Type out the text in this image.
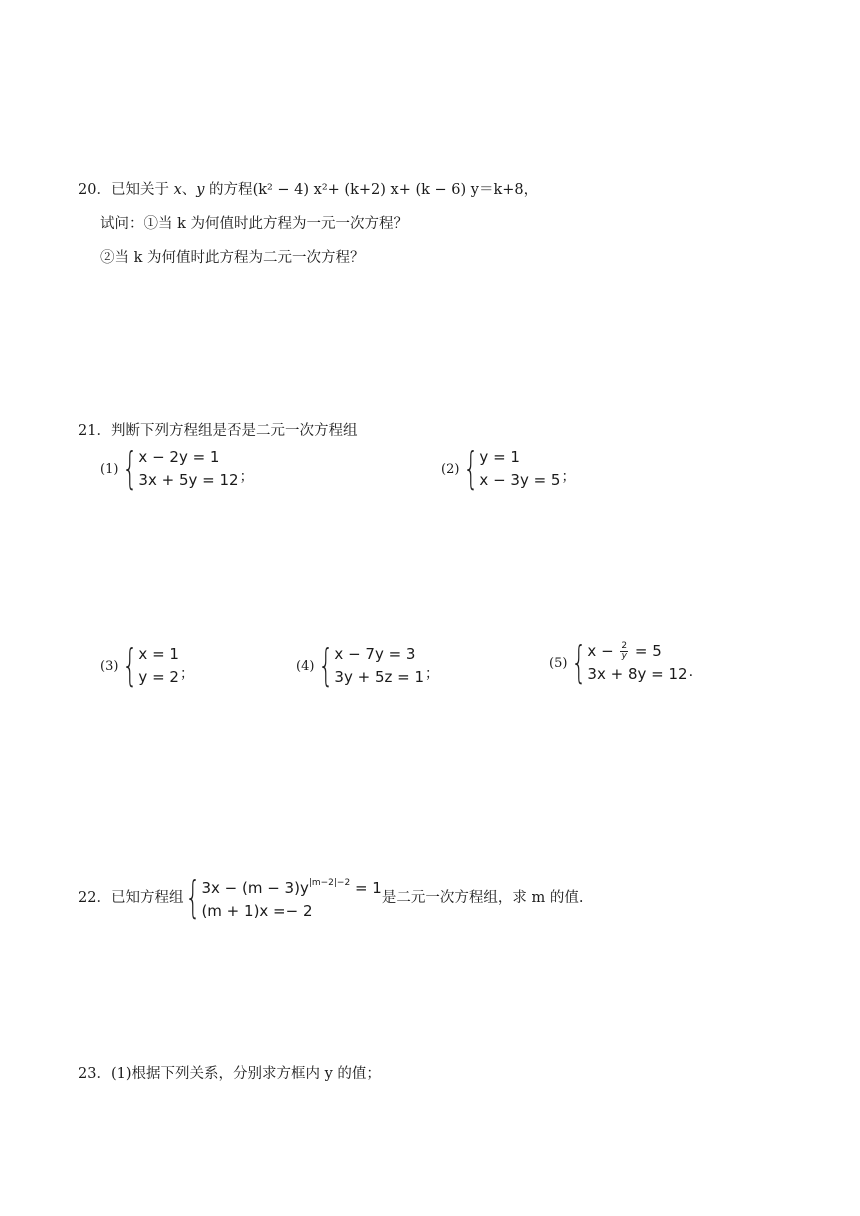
20．已知关于 x、y 的方程(k² − 4) x²+ (k+2) x+ (k − 6) y＝k+8，
试问：①当 k 为何值时此方程为一元一次方程？
②当 k 为何值时此方程为二元一次方程？
21．判断下列方程组是否是二元一次方程组
(1) { x − 2y = 1
3x + 5y = 12 ；	(2) { y = 1
x − 3y = 5 ；
(3) { x = 1
y = 2 ；	(4) { x − 7y = 3
3y + 5z = 1 ；
(5) { $x - \frac{2}{y} = 5$
3x + 8y = 12 .
22．已知方程组 { $3x - (m - 3)y^{|m-2|-2} = 1$
(m + 1)x =− 2
是二元一次方程组，求 m 的值.
23．(1)根据下列关系，分别求方框内 y 的值；
